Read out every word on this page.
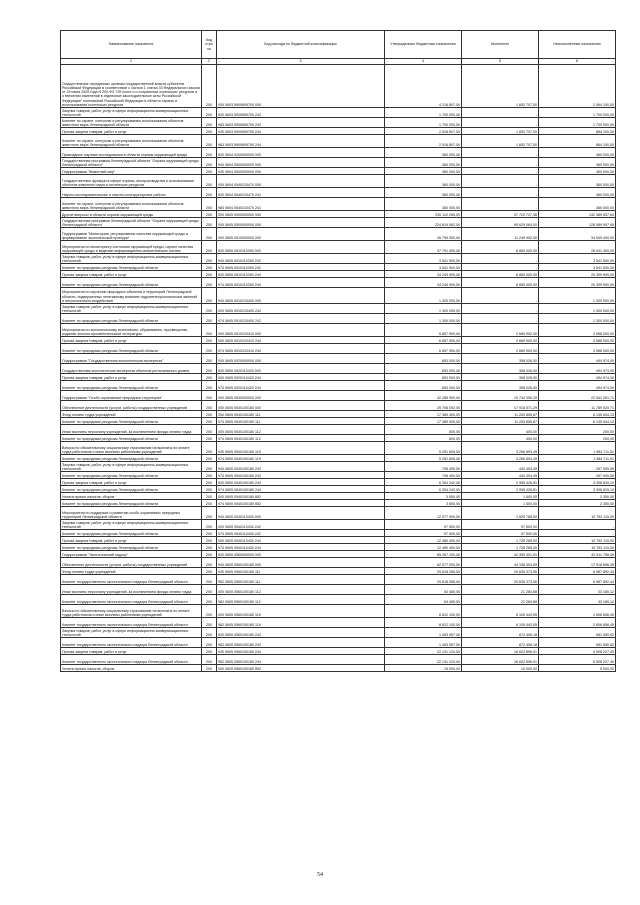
Наименование показателя	Код стро ки	Код расхода по бюджетной классификации	Утвержденные бюджетные назначения	Исполнено	Неисполненные назначения
1	2	3	4	5	6
Осуществление переданных органам государственной власти субъектов Российской Федерации в соответствии с частью 1 статьи 33 Федерального закона от 24 июля 2009 года N 209-ФЗ "Об охоте и о сохранении охотничьих ресурсов и о внесении изменений в отдельные законодательные акты Российской Федерации" полномочий Российской Федерации в области охраны и использования охотничьих ресурсов	200	000 0603 5900659700 000	4 216 807,00	1 652 707,00	2 564 100,00
Закупка товаров, работ, услуг в сфере информационно-коммуникационных технологий	200	000 0603 5900659700 242	1 700 000,00	-	1 700 000,00
Комитет по охране, контролю и регулированию использования объектов животного мира Ленинградской области	200	983 0603 5900659700 242	1 700 000,00	-	1 700 000,00
Прочая закупка товаров, работ и услуг	200	000 0603 5900659700 244	2 516 807,00	1 652 707,00	864 100,00
Комитет по охране, контролю и регулированию использования объектов животного мира Ленинградской области	200	983 0603 5900659700 244	2 516 807,00	1 652 707,00	864 100,00
Прикладные научные исследования в области охраны окружающей среды	200	000 0604 0200000000 000	360 000,00	-	360 000,00
Государственная программа Ленинградской области "Охрана окружающей среды Ленинградской области"	200	000 0604 0500000000 000	360 000,00	-	360 000,00
Подпрограмма "Животный мир"	200	000 0604 0540000000 000	360 000,00	-	360 000,00
Государственные функции в сфере охраны, воспроизводства и использования объектов животного мира и охотничьих ресурсов	200	000 0604 0540210470 000	360 000,00	-	360 000,00
Научно-исследовательские и опытно-конструкторские работы	200	000 0604 0540210470 241	360 000,00	-	360 000,00
Комитет по охране, контролю и регулированию использования объектов животного мира Ленинградской области	200	983 0604 0540210470 241	360 000,00	-	360 000,00
Другие вопросы в области охраны окружающей среды	200	000 0605 0000000000 000	230 112 265,00	97 722 727,36	132 389 537,64
Государственная программа Ленинградской области "Охрана окружающей среды Ленинградской области"	200	000 0605 0500000000 000	224 619 062,00	95 629 064,00	128 989 997,90
Подпрограмма "Мониторинг, регулирование качества окружающей среды и формирование экологической культуры"	200	000 0605 0510000000 000	45 799 300,00	11 249 900,00	34 549 400,00
Мероприятия по мониторингу состояния окружающей среды, охране качества окружающей среды и ведению информационно-аналитических систем	200	000 0605 0510110390 000	37 791 400,00	8 850 000,00	28 941 400,00
Закупка товаров, работ, услуг в сфере информационно-коммуникационных технологий	200	000 0605 0510110390 242	3 541 500,00	-	3 541 500,00
Комитет по природным ресурсам Ленинградской области	200	974 0605 0510110390 242	3 541 500,00	-	3 541 500,00
Прочая закупка товаров, работ и услуг	200	000 0605 0510110390 244	34 249 900,00	8 850 000,00	25 399 900,00
Комитет по природным ресурсам Ленинградской области	200	974 0605 0510110390 244	34 249 900,00	8 850 000,00	25 399 900,00
Мероприятия по изучению природных объектов и территорий Ленинградской области, подверженных негативному влиянию гидрометеорологических явлений и антропогенного воздействия	200	000 0605 0510210400 000	1 300 000,00	-	1 300 000,00
Закупка товаров, работ, услуг в сфере информационно-коммуникационных технологий	200	000 0605 0510210400 242	1 300 000,00	-	1 300 000,00
Комитет по природным ресурсам Ленинградской области	200	974 0605 0510210400 242	1 300 000,00	-	1 300 000,00
Мероприятия по экологическому воспитанию, образованию, просвещению, изданию эколого-просветительской литературы	200	000 0605 0510310410 000	6 657 900,00	2 669 900,00	3 988 000,00
Прочая закупка товаров, работ и услуг	200	000 0605 0510310410 244	6 657 900,00	2 669 900,00	3 988 000,00
Комитет по природным ресурсам Ленинградской области	200	974 0605 0510310410 244	6 657 900,00	2 669 900,00	3 988 000,00
Подпрограмма "Государственная экологическая экспертиза"	200	000 0605 0520000000 000	853 000,00	358 026,00	494 974,00
Государственная экологическая экспертиза объектов регионального уровня	200	000 0605 0520110420 000	853 000,00	358 026,00	494 974,00
Прочая закупка товаров, работ и услуг	200	000 0605 0520110420 244	853 000,00	358 026,00	494 974,00
Комитет по природным ресурсам Ленинградской области	200	974 0605 0520110420 244	853 000,00	358 026,00	494 974,00
Подпрограмма "Особо охраняемые природные территории"	200	000 0605 0540000000 000	42 285 992,00	19 744 356,29	22 541 261,71
Обеспечение деятельности (услуги, работы) государственных учреждений	200	000 0605 0540100180 000	29 708 092,00	17 918 571,29	11 789 520,71
Фонд оплаты труда учреждений	200	000 0605 0540100180 111	17 389 400,00	11 253 855,87	6 135 544,13
Комитет по природным ресурсам Ленинградской области	200	974 0605 0540100180 111	17 389 400,00	11 253 855,87	6 135 544,13
Иные выплаты персоналу учреждений, за исключением фонда оплаты труда	200	000 0605 0540100180 112	600,00	400,00	200,00
Комитет по природным ресурсам Ленинградской области	200	974 0605 0540100180 112	600,00	400,00	200,00
Взносы по обязательному социальному страхованию на выплаты по оплате труда работников и иные выплаты работникам учреждений	200	000 0605 0540100180 119	5 251 605,00	3 266 893,49	1 984 711,51
Комитет по природным ресурсам Ленинградской области	200	974 0605 0540100180 119	5 251 605,00	3 266 893,49	1 984 711,51
Закупка товаров, работ, услуг в сфере информационно-коммуникационных технологий	200	000 0605 0540100180 242	708 400,00	440 494,45	267 905,55
Комитет по природным ресурсам Ленинградской области	200	974 0605 0540100180 242	708 400,00	440 494,45	267 905,55
Прочая закупка товаров, работ и услуг	200	000 0605 0540100180 244	6 354 242,00	2 955 426,81	3 398 815,19
Комитет по природным ресурсам Ленинградской области	200	974 0605 0540100180 244	6 354 242,00	2 955 426,81	3 398 815,19
Уплата прочих налогов, сборов	200	000 0605 0540100180 852	3 850,00	1 500,00	2 350,00
Комитет по природным ресурсам Ленинградской области	200	974 0605 0540100180 852	3 850,00	1 500,00	2 350,00
Мероприятия по поддержке и развитию особо охраняемых природных территорий Ленинградской области	200	000 0605 0540110430 000	12 577 900,00	1 825 785,00	10 752 115,00
Закупка товаров, работ, услуг в сфере информационно-коммуникационных технологий	200	000 0605 0540110430 242	97 500,00	97 500,00	-
Комитет по природным ресурсам Ленинградской области	200	974 0605 0540110430 242	97 500,00	97 500,00	-
Прочая закупка товаров, работ и услуг	200	000 0605 0540110430 244	12 480 400,00	1 728 285,00	10 752 115,00
Комитет по природным ресурсам Ленинградской области	200	974 0605 0540110430 244	12 480 400,00	1 728 285,00	10 752 115,00
Подпрограмма "Экологический надзор"	200	000 0605 0560000000 000	85 267 100,00	42 355 301,51	42 911 798,49
Обеспечение деятельности (услуги, работы) государственных учреждений	200	000 0605 0560100180 000	62 077 000,00	44 158 303,65	17 918 696,35
Фонд оплаты труда учреждений	200	000 0605 0560100180 111	29 618 266,00	20 630 373,56	8 987 892,44
Комитет государственного экологического надзора Ленинградской области	200	982 0605 0560100180 111	29 618 266,00	20 630 373,56	8 987 892,44
Иные выплаты персоналу учреждений, за исключением фонда оплаты труда	200	000 0605 0560100180 112	54 465,00	21 284,88	33 180,12
Комитет государственного экологического надзора Ленинградской области	200	982 0605 0560100180 112	54 465,00	21 284,88	33 180,12
Взносы по обязательному социальному страхованию на выплаты по оплате труда работников и иные выплаты работникам учреждений	200	000 0605 0560100180 119	8 812 100,00	6 105 443,55	2 606 656,45
Комитет государственного экологического надзора Ленинградской области	200	982 0605 0560100180 119	8 812 100,00	6 105 443,55	2 606 656,45
Закупка товаров, работ, услуг в сфере информационно-коммуникационных технологий	200	000 0605 0560100180 242	1 453 957,00	872 406,18	581 550,82
Комитет государственного экологического надзора Ленинградской области	200	982 0605 0560100180 242	1 453 957,00	872 406,18	581 550,82
Прочая закупка товаров, работ и услуг	200	000 0605 0560100180 244	22 131 124,00	16 622 896,51	5 508 227,49
Комитет государственного экологического надзора Ленинградской области	200	982 0605 0560100180 244	22 131 124,00	16 622 896,51	5 508 227,49
Уплата прочих налогов, сборов	200	000 0605 0560100180 852	15 000,00	10 000,00	5 000,00
54
